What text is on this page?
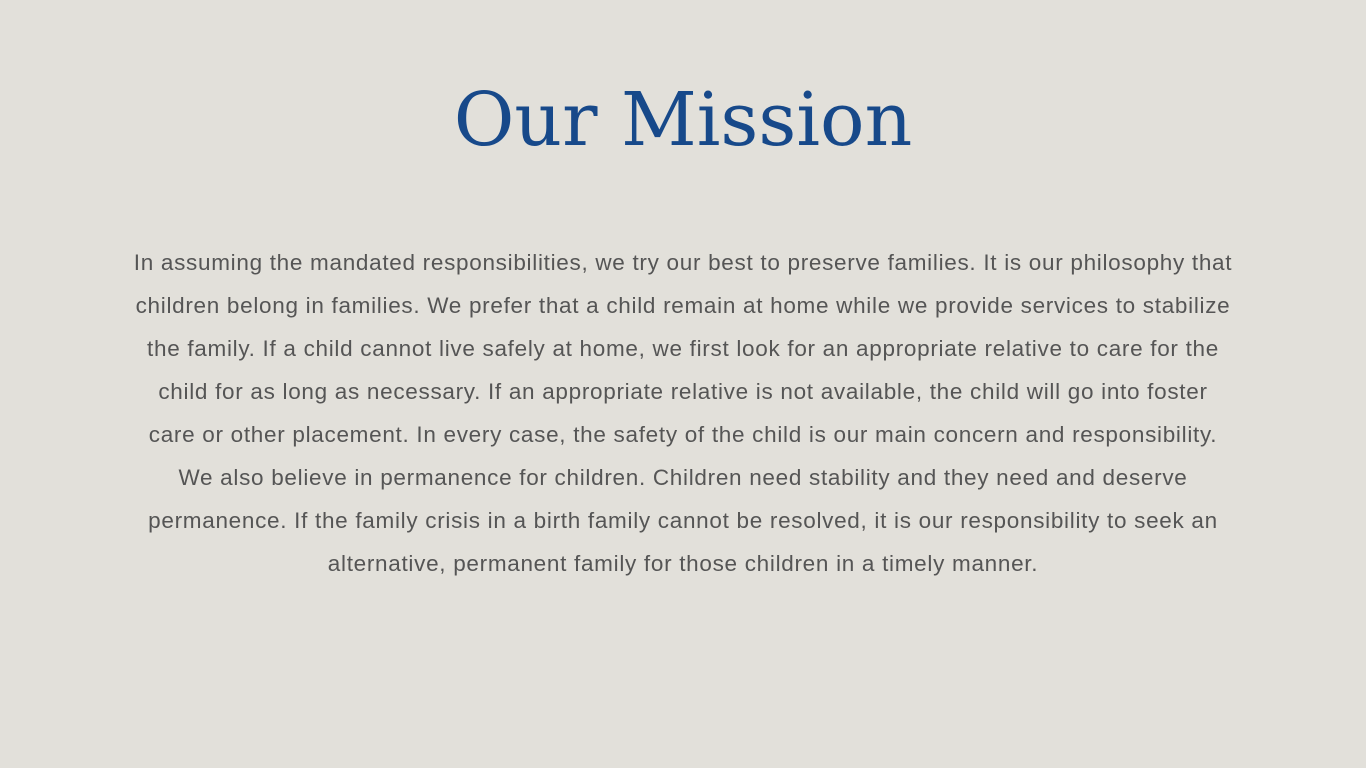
Our Mission

In assuming the mandated responsibilities, we try our best to preserve families. It is our philosophy that children belong in families. We prefer that a child remain at home while we provide services to stabilize the family. If a child cannot live safely at home, we first look for an appropriate relative to care for the child for as long as necessary. If an appropriate relative is not available, the child will go into foster care or other placement. In every case, the safety of the child is our main concern and responsibility.

We also believe in permanence for children. Children need stability and they need and deserve permanence. If the family crisis in a birth family cannot be resolved, it is our responsibility to seek an alternative, permanent family for those children in a timely manner.
